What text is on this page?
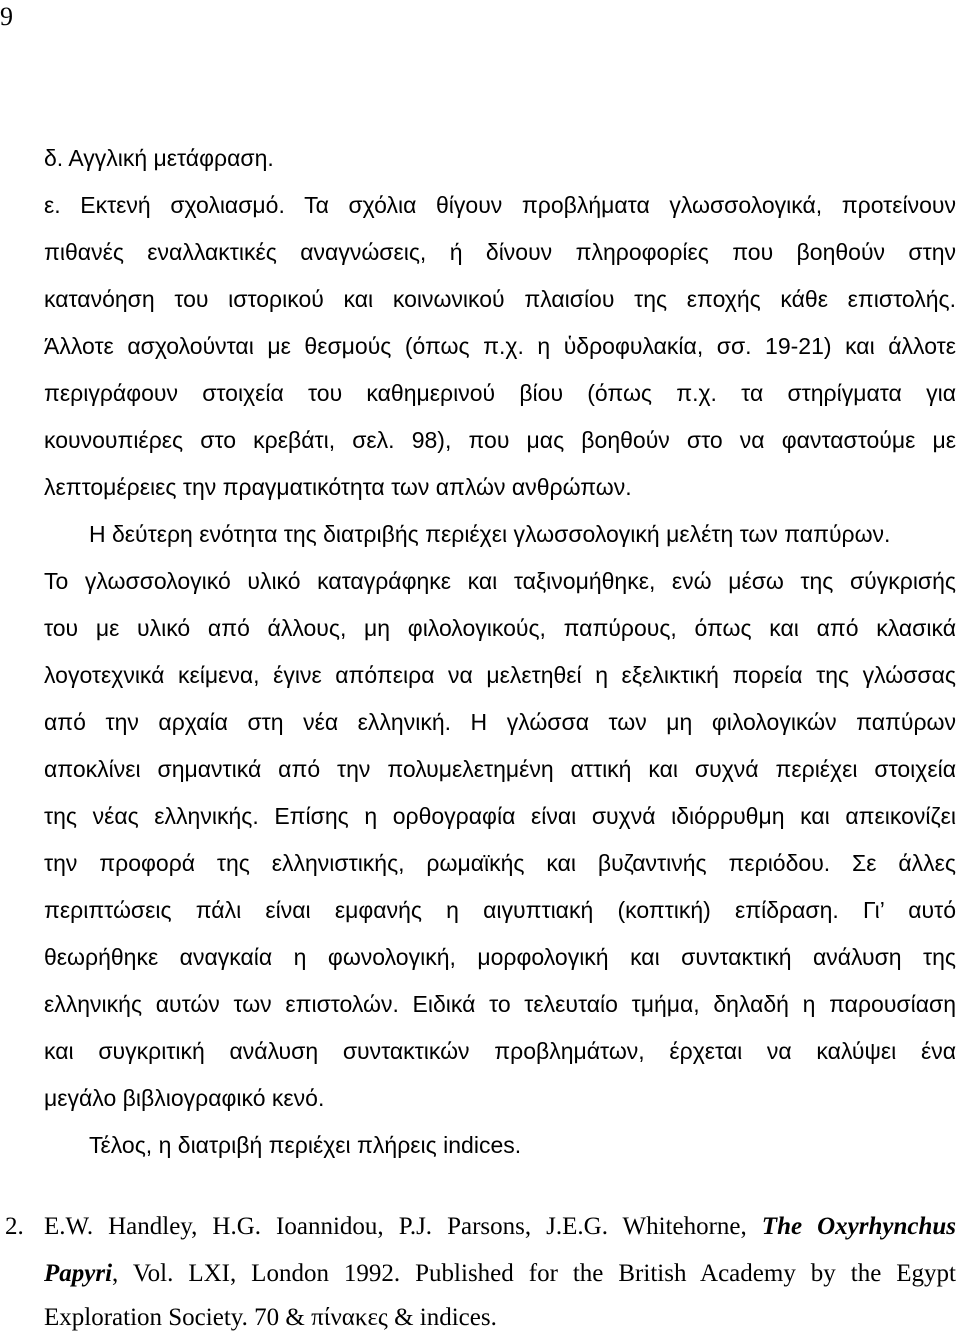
9
δ. Αγγλική μετάφραση.
ε. Εκτενή σχολιασμό. Τα σχόλια θίγουν προβλήματα γλωσσολογικά, προτείνουν
πιθανές εναλλακτικές αναγνώσεις, ή δίνουν πληροφορίες που βοηθούν στην
κατανόηση του ιστορικού και κοινωνικού πλαισίου της εποχής κάθε επιστολής.
Άλλοτε ασχολούνται με θεσμούς (όπως π.χ. η ὑδροφυλακία, σσ. 19-21) και άλλοτε
περιγράφουν στοιχεία του καθημερινού βίου (όπως π.χ. τα στηρίγματα για
κουνουπιέρες στο κρεβάτι, σελ. 98), που μας βοηθούν στο να φανταστούμε με
λεπτομέρειες την πραγματικότητα των απλών ανθρώπων.
Η δεύτερη ενότητα της διατριβής περιέχει γλωσσολογική μελέτη των παπύρων.
Το γλωσσολογικό υλικό καταγράφηκε και ταξινομήθηκε, ενώ μέσω της σύγκρισής
του με υλικό από άλλους, μη φιλολογικούς, παπύρους, όπως και από κλασικά
λογοτεχνικά κείμενα, έγινε απόπειρα να μελετηθεί η εξελικτική πορεία της γλώσσας
από την αρχαία στη νέα ελληνική. Η γλώσσα των μη φιλολογικών παπύρων
αποκλίνει σημαντικά από την πολυμελετημένη αττική και συχνά περιέχει στοιχεία
της νέας ελληνικής. Επίσης η ορθογραφία είναι συχνά ιδιόρρυθμη και απεικονίζει
την προφορά της ελληνιστικής, ρωμαϊκής και βυζαντινής περιόδου. Σε άλλες
περιπτώσεις πάλι είναι εμφανής η αιγυπτιακή (κοπτική) επίδραση. Γι’ αυτό
θεωρήθηκε αναγκαία η φωνολογική, μορφολογική και συντακτική ανάλυση της
ελληνικής αυτών των επιστολών. Ειδικά το τελευταίο τμήμα, δηλαδή η παρουσίαση
και συγκριτική ανάλυση συντακτικών προβλημάτων, έρχεται να καλύψει ένα
μεγάλο βιβλιογραφικό κενό.
Τέλος, η διατριβή περιέχει πλήρεις indices.
2. E.W. Handley, H.G. Ioannidou, P.J. Parsons, J.E.G. Whitehorne, The Oxyrhynchus
Papyri, Vol. LXI, London 1992. Published for the British Academy by the Egypt
Exploration Society. 70 & πίνακες & indices.
